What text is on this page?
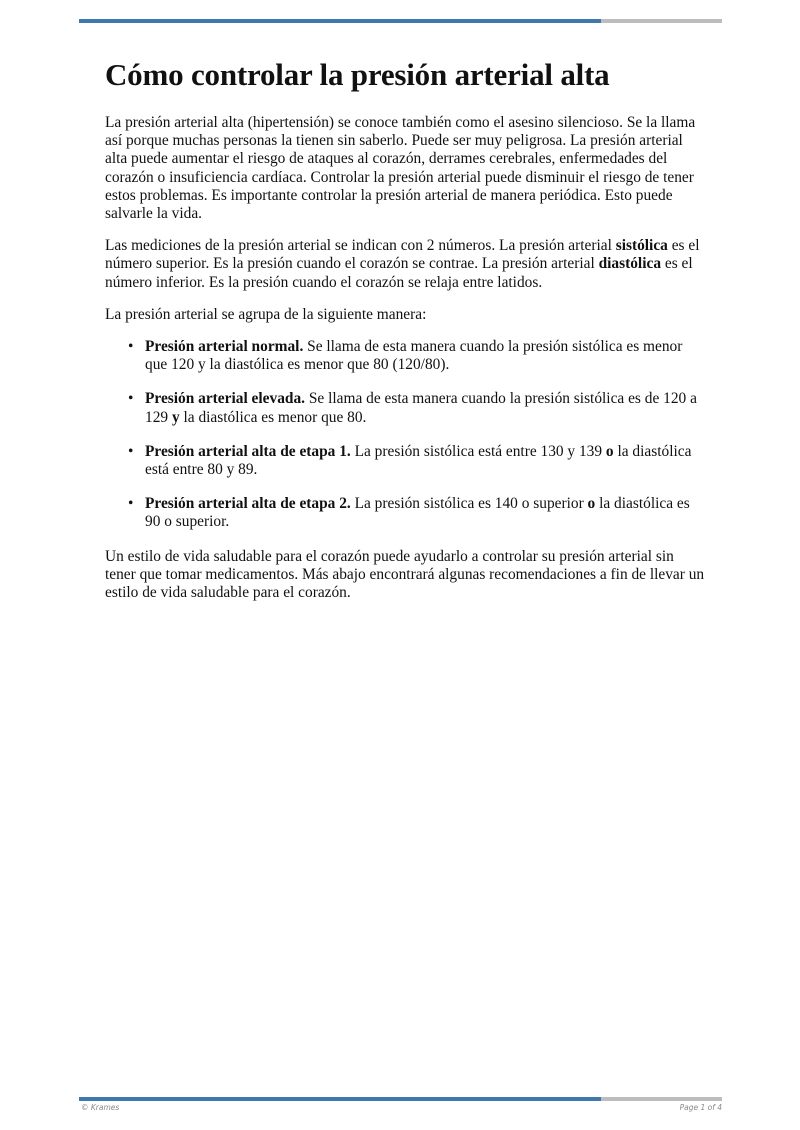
Cómo controlar la presión arterial alta

La presión arterial alta (hipertensión) se conoce también como el asesino silencioso. Se la llama así porque muchas personas la tienen sin saberlo. Puede ser muy peligrosa. La presión arterial alta puede aumentar el riesgo de ataques al corazón, derrames cerebrales, enfermedades del corazón o insuficiencia cardíaca. Controlar la presión arterial puede disminuir el riesgo de tener estos problemas. Es importante controlar la presión arterial de manera periódica. Esto puede salvarle la vida.

Las mediciones de la presión arterial se indican con 2 números. La presión arterial sistólica es el número superior. Es la presión cuando el corazón se contrae. La presión arterial diastólica es el número inferior. Es la presión cuando el corazón se relaja entre latidos.

La presión arterial se agrupa de la siguiente manera:

• Presión arterial normal. Se llama de esta manera cuando la presión sistólica es menor que 120 y la diastólica es menor que 80 (120/80).
• Presión arterial elevada. Se llama de esta manera cuando la presión sistólica es de 120 a 129 y la diastólica es menor que 80.
• Presión arterial alta de etapa 1. La presión sistólica está entre 130 y 139 o la diastólica está entre 80 y 89.
• Presión arterial alta de etapa 2. La presión sistólica es 140 o superior o la diastólica es 90 o superior.

Un estilo de vida saludable para el corazón puede ayudarlo a controlar su presión arterial sin tener que tomar medicamentos. Más abajo encontrará algunas recomendaciones a fin de llevar un estilo de vida saludable para el corazón.

© Krames	Page 1 of 4
